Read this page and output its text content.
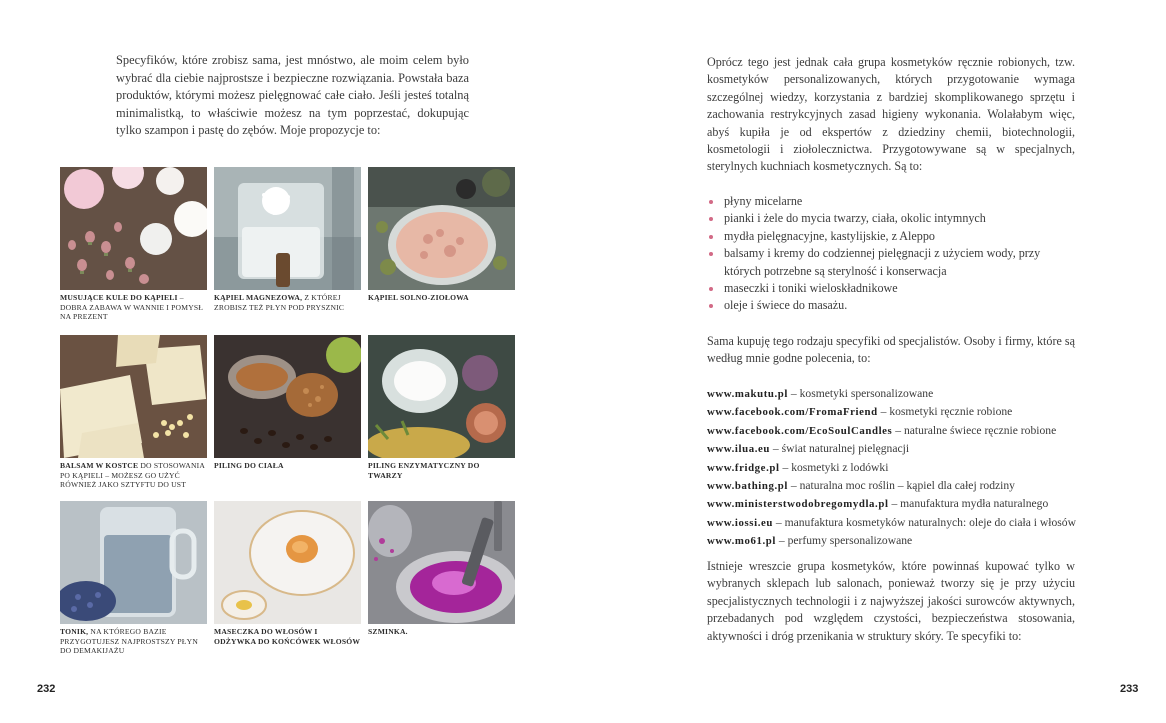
Specyfików, które zrobisz sama, jest mnóstwo, ale moim celem było wybrać dla ciebie najprostsze i bezpieczne rozwiązania. Powstała baza produktów, którymi możesz pielęgnować całe ciało. Jeśli jesteś totalną minimalistką, to właściwie możesz na tym poprzestać, dokupując tylko szampon i pastę do zębów. Moje propozycje to:

MUSUJĄCE KULE DO KĄPIELI – DOBRA ZABAWA W WANNIE I POMYSŁ NA PREZENT
KĄPIEL MAGNEZOWA, Z KTÓREJ ZROBISZ TEŻ PŁYN POD PRYSZNIC
KĄPIEL SOLNO-ZIOŁOWA
BALSAM W KOSTCE DO STOSOWANIA PO KĄPIELI – MOŻESZ GO UŻYĆ RÓWNIEŻ JAKO SZTYFTU DO UST
PILING DO CIAŁA	PILING ENZYMATYCZNY DO TWARZY
TONIK, NA KTÓREGO BAZIE PRZYGOTUJESZ NAJPROSTSZY PŁYN DO DEMAKIJAŻU
MASECZKA DO WŁOSÓW I ODŻYWKA DO KOŃCÓWEK WŁOSÓW
SZMINKA.
232

Oprócz tego jest jednak cała grupa kosmetyków ręcznie robionych, tzw. kosmetyków personalizowanych, których przygotowanie wymaga szczególnej wiedzy, korzystania z bardziej skomplikowanego sprzętu i zachowania restrykcyjnych zasad higieny wykonania. Wolałabym więc, abyś kupiła je od ekspertów z dziedziny chemii, biotechnologii, kosmetologii i ziołolecznictwa. Przygotowywane są w specjalnych, sterylnych kuchniach kosmetycznych. Są to:

płyny micelarne
pianki i żele do mycia twarzy, ciała, okolic intymnych
mydła pielęgnacyjne, kastylijskie, z Aleppo
balsamy i kremy do codziennej pielęgnacji z użyciem wody, przy których potrzebne są sterylność i konserwacja
maseczki i toniki wieloskładnikowe
oleje i świece do masażu.

Sama kupuję tego rodzaju specyfiki od specjalistów. Osoby i firmy, które są według mnie godne polecenia, to:

www.makutu.pl – kosmetyki spersonalizowane
www.facebook.com/FromaFriend – kosmetyki ręcznie robione
www.facebook.com/EcoSoulCandles – naturalne świece ręcznie robione
www.ilua.eu – świat naturalnej pielęgnacji
www.fridge.pl – kosmetyki z lodówki
www.bathing.pl – naturalna moc roślin – kąpiel dla całej rodziny
www.ministerstwodobregomydla.pl – manufaktura mydła naturalnego
www.iossi.eu – manufaktura kosmetyków naturalnych: oleje do ciała i włosów
www.mo61.pl – perfumy spersonalizowane

Istnieje wreszcie grupa kosmetyków, które powinnaś kupować tylko w wybranych sklepach lub salonach, ponieważ tworzy się je przy użyciu specjalistycznych technologii i z najwyższej jakości surowców aktywnych, przebadanych pod względem czystości, bezpieczeństwa stosowania, aktywności i dróg przenikania w struktury skóry. Te specyfiki to:

233
